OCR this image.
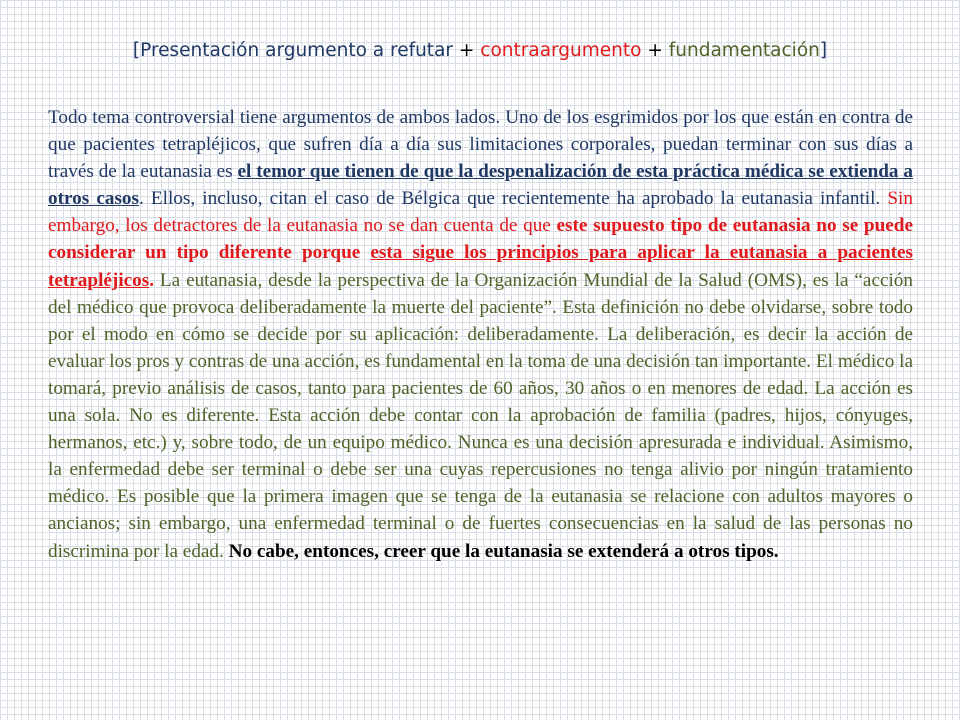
[Presentación argumento a refutar + contraargumento + fundamentación]

Todo tema controversial tiene argumentos de ambos lados. Uno de los esgrimidos por los que están en contra de que pacientes tetrapléjicos, que sufren día a día sus limitaciones corporales, puedan terminar con sus días a través de la eutanasia es el temor que tienen de que la despenalización de esta práctica médica se extienda a otros casos. Ellos, incluso, citan el caso de Bélgica que recientemente ha aprobado la eutanasia infantil. Sin embargo, los detractores de la eutanasia no se dan cuenta de que este supuesto tipo de eutanasia no se puede considerar un tipo diferente porque esta sigue los principios para aplicar la eutanasia a pacientes tetrapléjicos. La eutanasia, desde la perspectiva de la Organización Mundial de la Salud (OMS), es la “acción del médico que provoca deliberadamente la muerte del paciente”. Esta definición no debe olvidarse, sobre todo por el modo en cómo se decide por su aplicación: deliberadamente. La deliberación, es decir la acción de evaluar los pros y contras de una acción, es fundamental en la toma de una decisión tan importante. El médico la tomará, previo análisis de casos, tanto para pacientes de 60 años, 30 años o en menores de edad. La acción es una sola. No es diferente. Esta acción debe contar con la aprobación de familia (padres, hijos, cónyuges, hermanos, etc.) y, sobre todo, de un equipo médico. Nunca es una decisión apresurada e individual. Asimismo, la enfermedad debe ser terminal o debe ser una cuyas repercusiones no tenga alivio por ningún tratamiento médico. Es posible que la primera imagen que se tenga de la eutanasia se relacione con adultos mayores o ancianos; sin embargo, una enfermedad terminal o de fuertes consecuencias en la salud de las personas no discrimina por la edad. No cabe, entonces, creer que la eutanasia se extenderá a otros tipos.
